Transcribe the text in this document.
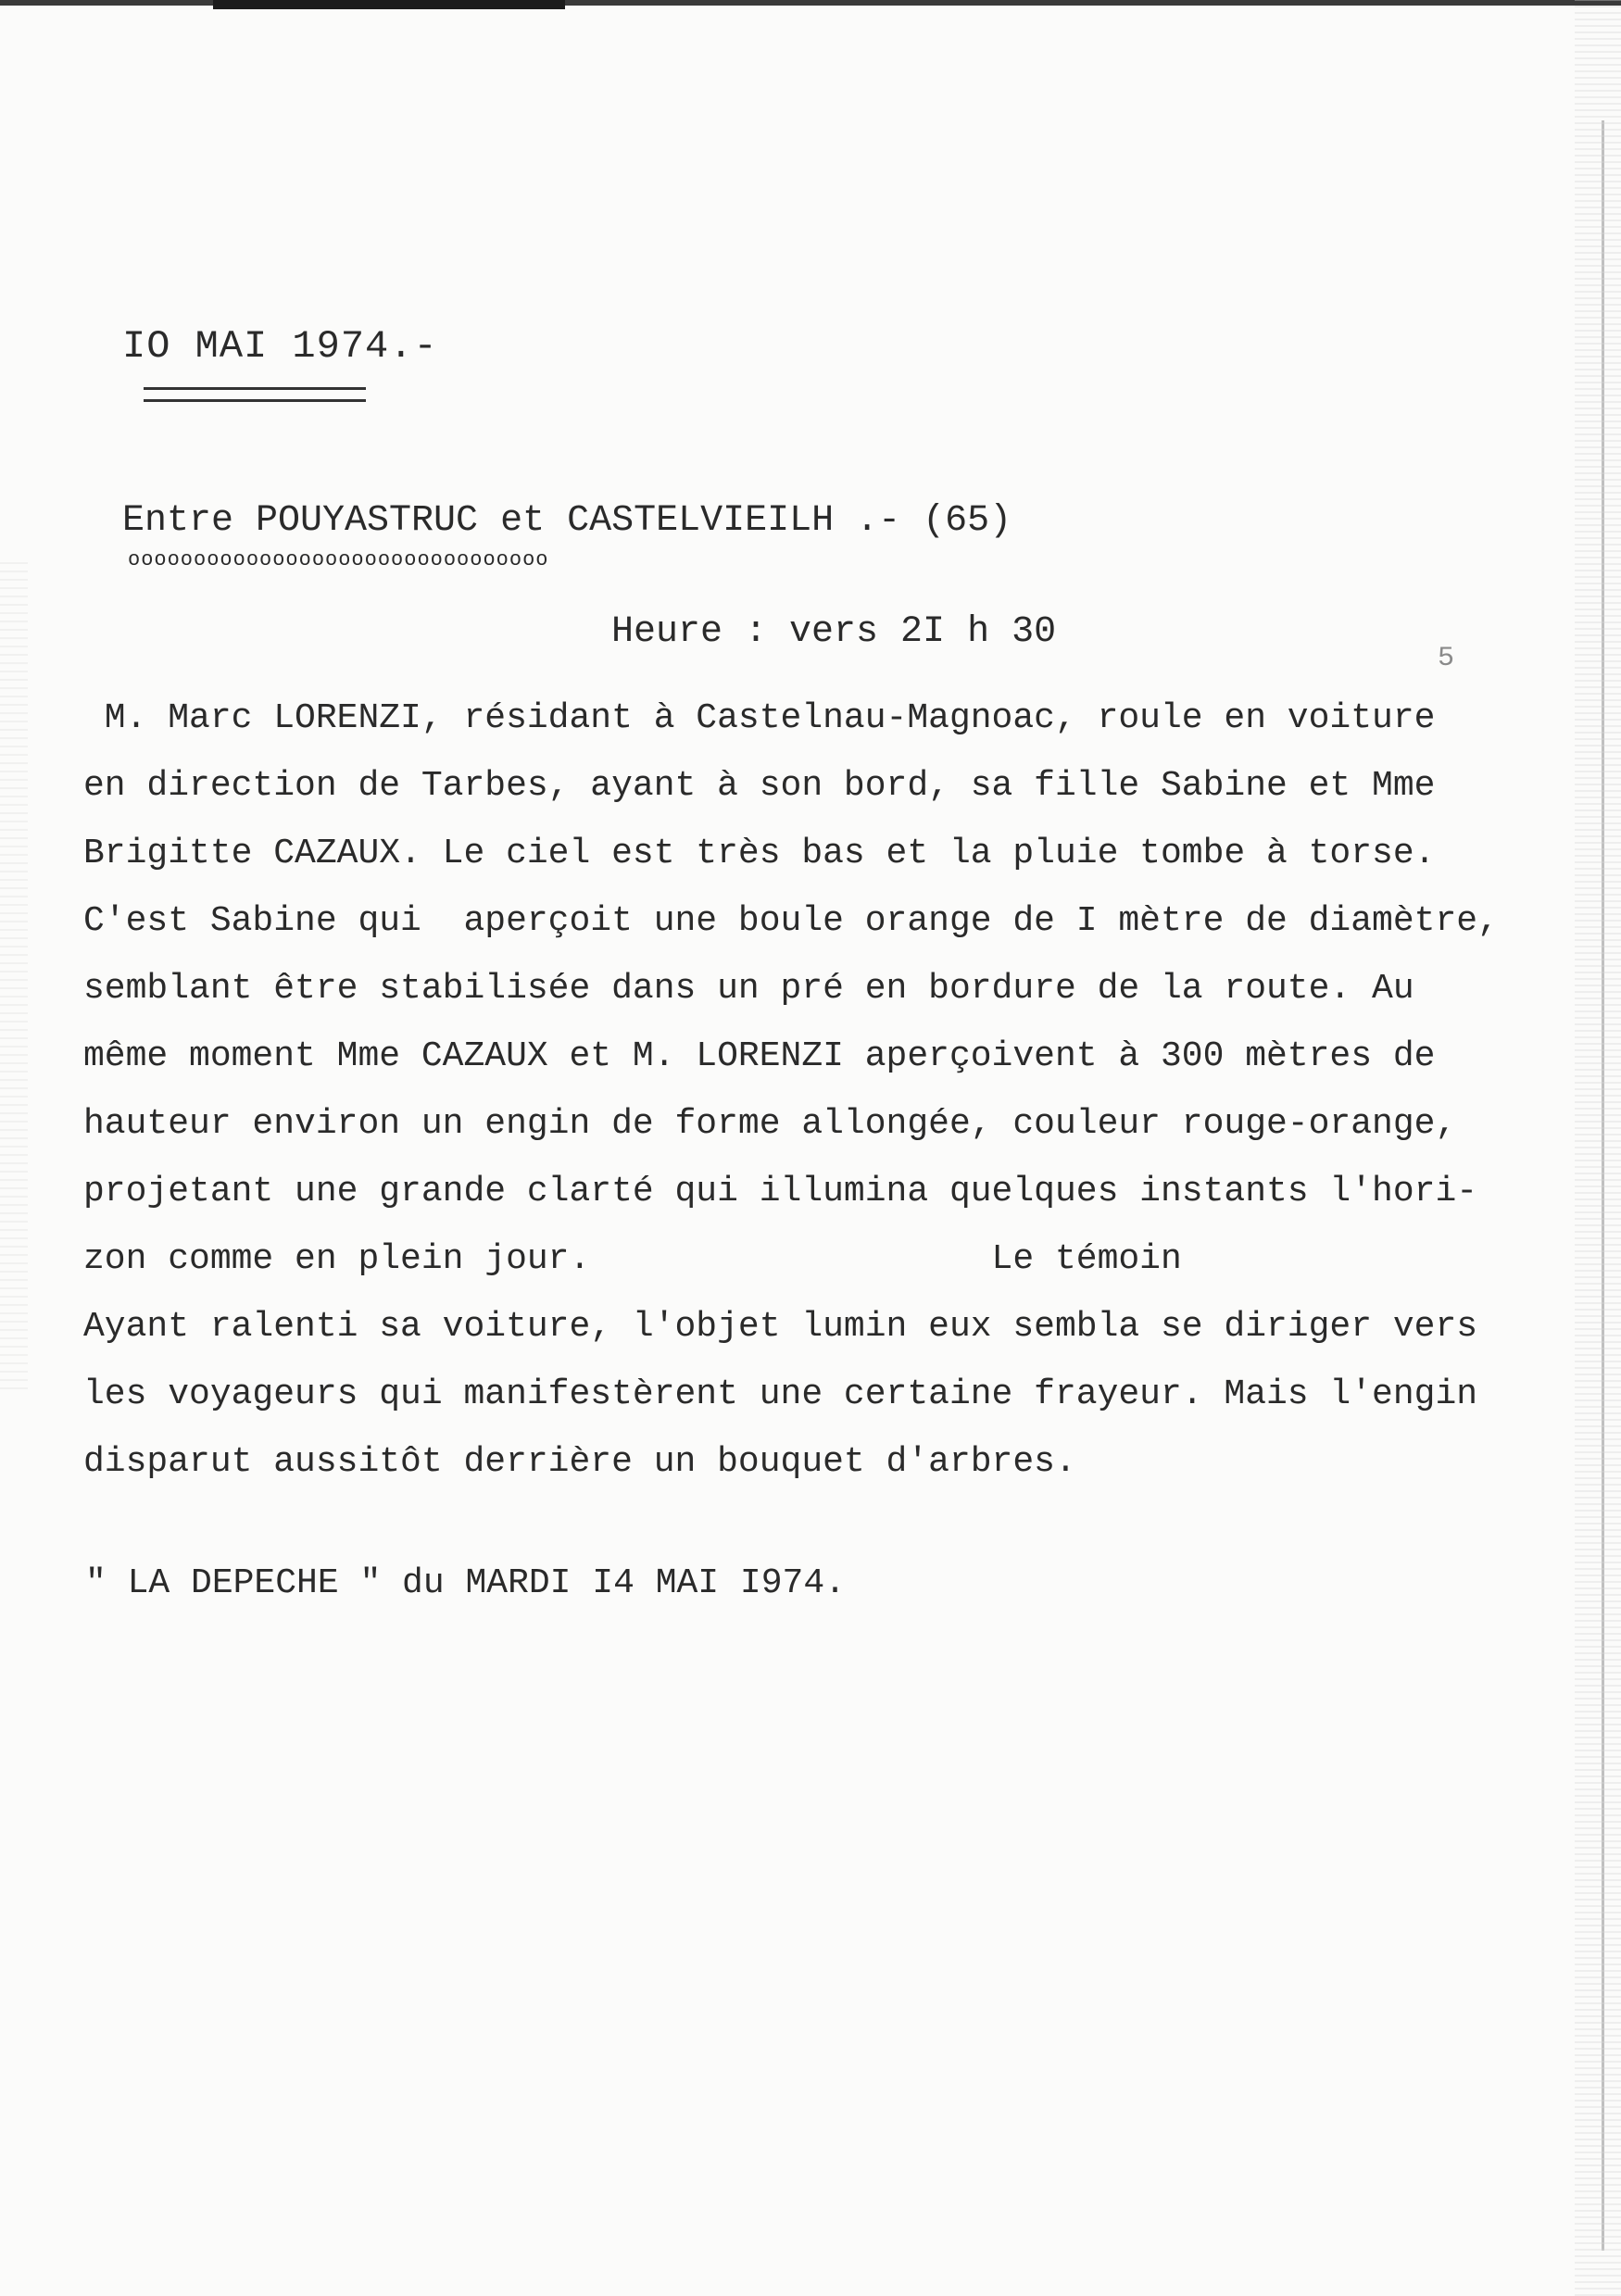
IO MAI 1974.-
Entre POUYASTRUC et CASTELVIEILH .- (65)
oooooooooooooooooooooooooooooooo
Heure : vers 2I h 30
5
M. Marc LORENZI, résidant à Castelnau-Magnoac, roule en voiture
en direction de Tarbes, ayant à son bord, sa fille Sabine et Mme
Brigitte CAZAUX. Le ciel est très bas et la pluie tombe à torse.
C'est Sabine qui  aperçoit une boule orange de I mètre de diamètre,
semblant être stabilisée dans un pré en bordure de la route. Au
même moment Mme CAZAUX et M. LORENZI aperçoivent à 300 mètres de
hauteur environ un engin de forme allongée, couleur rouge-orange,
projetant une grande clarté qui illumina quelques instants l'hori-
zon comme en plein jour.                   Le témoin
Ayant ralenti sa voiture, l'objet lumin eux sembla se diriger vers
les voyageurs qui manifestèrent une certaine frayeur. Mais l'engin
disparut aussitôt derrière un bouquet d'arbres.
" LA DEPECHE " du MARDI I4 MAI I974.
